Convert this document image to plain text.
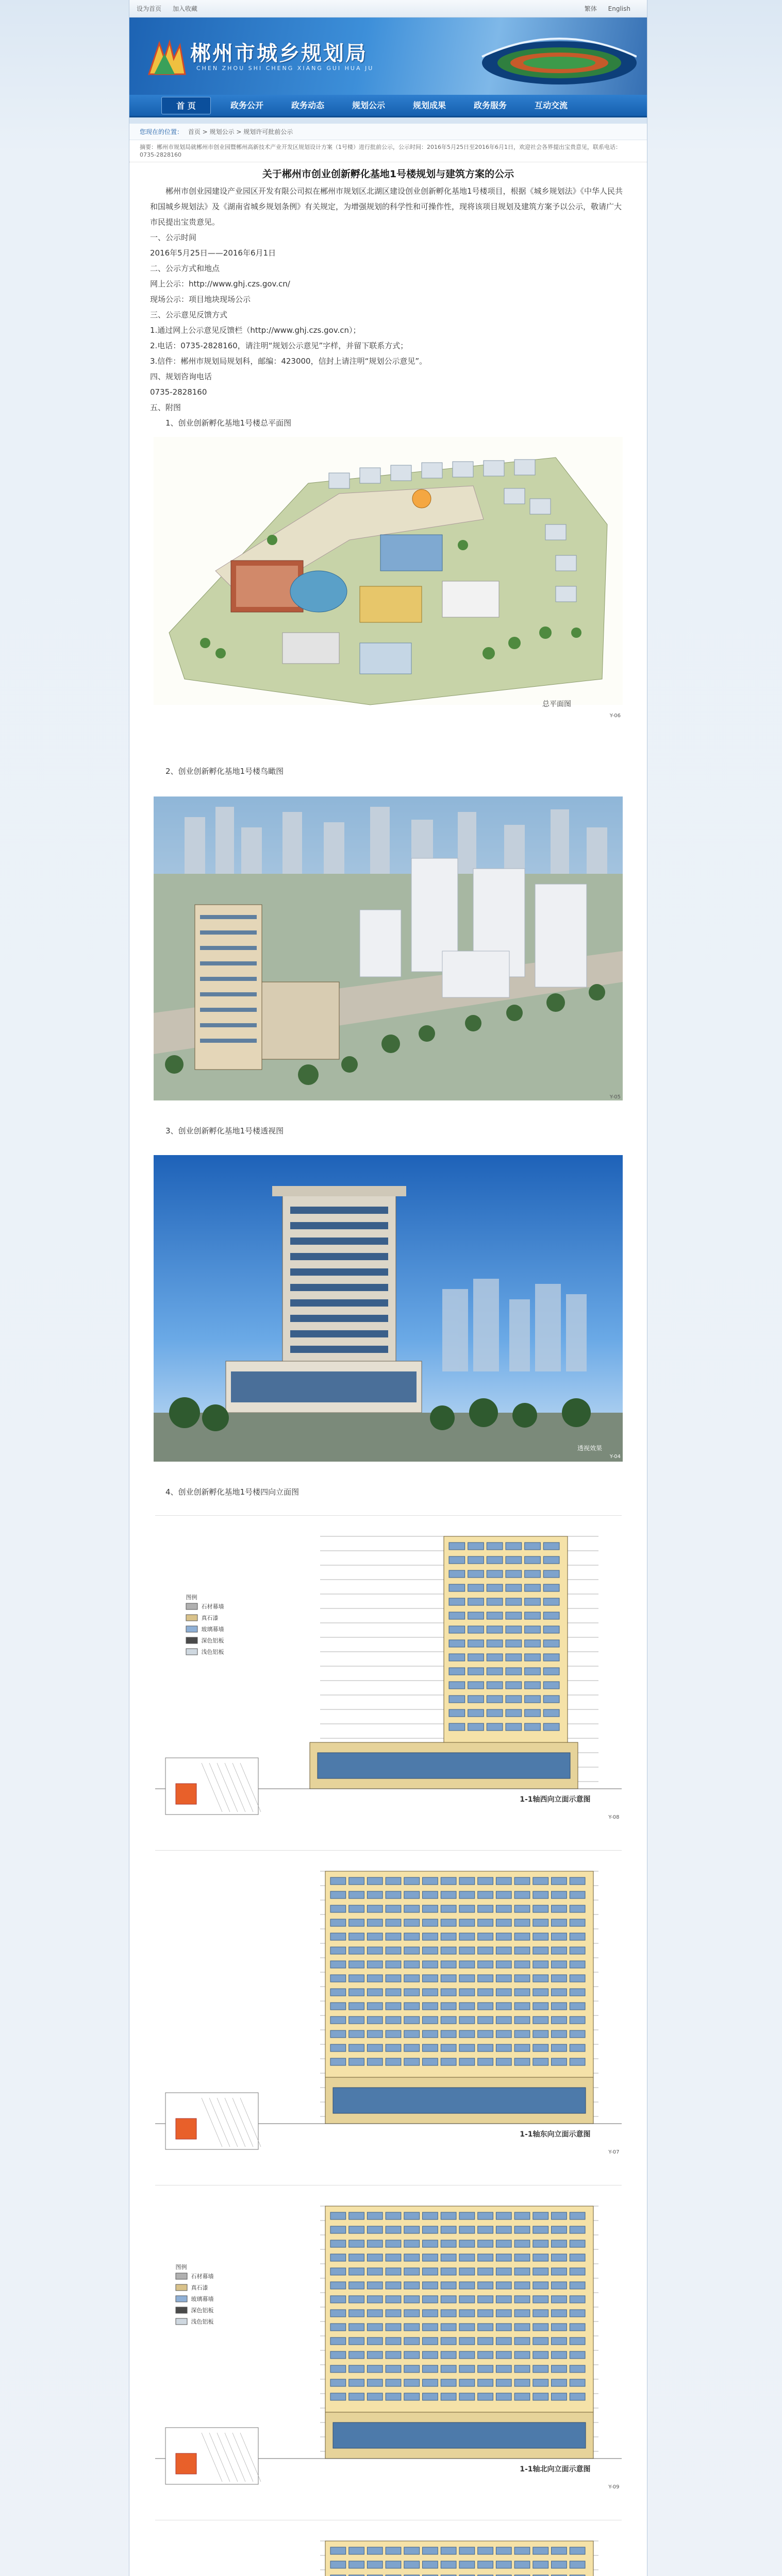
设为首页 加入收藏	繁体 English
郴州市城乡规划局
CHEN ZHOU SHI CHENG XIANG GUI HUA JU
首 页	政务公开	政务动态	规划公示	规划成果	政务服务	互动交流
您现在的位置： 首页 > 规划公示 > 规划许可批前公示
摘要：郴州市规划局就郴州市创业园暨郴州高新技术产业开发区规划设计方案（1号楼）进行批前公示，公示时间：2016年5月25日至2016年6月1日，欢迎社会各界提出宝贵意见，联系电话：0735-2828160
关于郴州市创业创新孵化基地1号楼规划与建筑方案的公示

郴州市创业园建设产业园区开发有限公司拟在郴州市规划区北湖区建设创业创新孵化基地1号楼项目，根据《城乡规划法》《中华人民共和国城乡规划法》及《湖南省城乡规划条例》有关规定，为增强规划的科学性和可操作性，现将该项目规划及建筑方案予以公示，敬请广大市民提出宝贵意见。

一、公示时间

2016年5月25日——2016年6月1日

二、公示方式和地点

网上公示：http://www.ghj.czs.gov.cn/

现场公示：项目地块现场公示

三、公示意见反馈方式

1.通过网上公示意见反馈栏（http://www.ghj.czs.gov.cn）；

2.电话：0735-2828160，请注明“规划公示意见”字样，并留下联系方式；

3.信件：郴州市规划局规划科，邮编：423000，信封上请注明“规划公示意见”。

四、规划咨询电话

0735-2828160

五、附图

1、创业创新孵化基地1号楼总平面图

总平面图
Y-06

2、创业创新孵化基地1号楼鸟瞰图

Y-05

3、创业创新孵化基地1号楼透视图

透视效果
Y-04

4、创业创新孵化基地1号楼四向立面图

图例
石材幕墙
真石漆
玻璃幕墙
深色铝板
浅色铝板
1-1轴西向立面示意图
Y-08
1-1轴东向立面示意图
Y-07
图例
石材幕墙
真石漆
玻璃幕墙
深色铝板
浅色铝板
1-1轴北向立面示意图
Y-09
